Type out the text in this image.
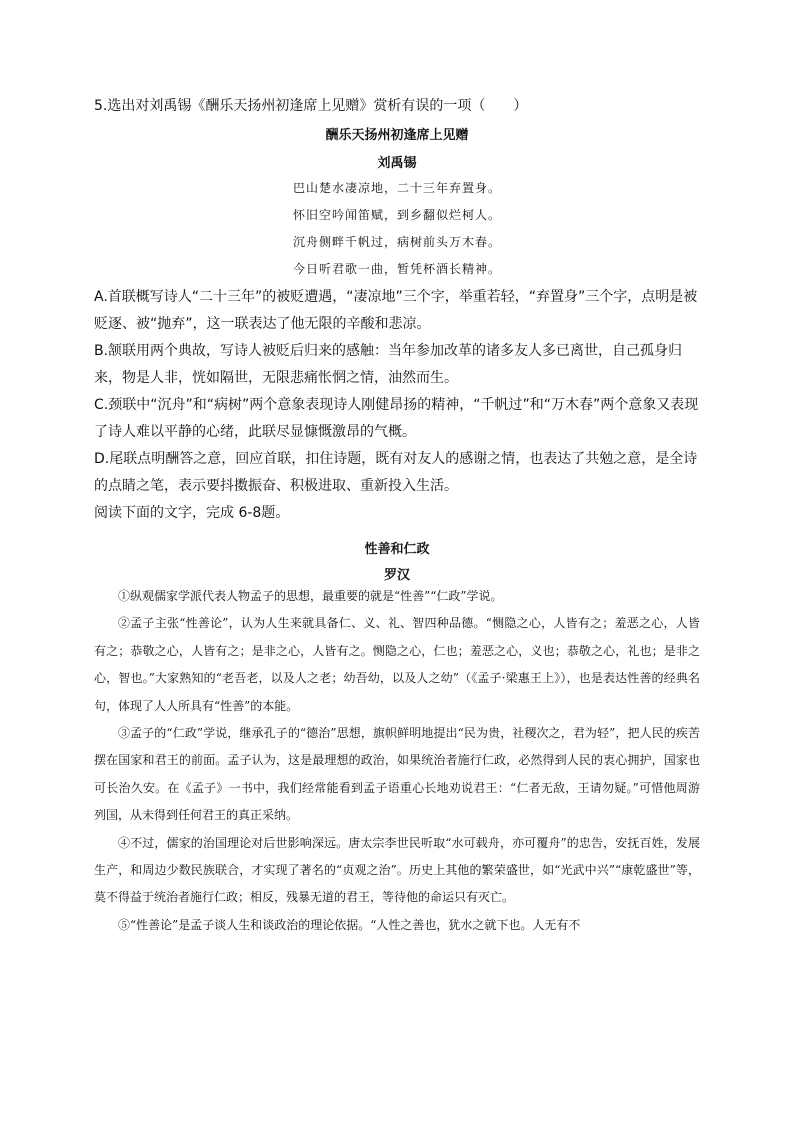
5.选出对刘禹锡《酬乐天扬州初逢席上见赠》赏析有误的一项（　　）
酬乐天扬州初逢席上见赠
刘禹锡
巴山楚水凄凉地，二十三年弃置身。
怀旧空吟闻笛赋，到乡翻似烂柯人。
沉舟侧畔千帆过，病树前头万木春。
今日听君歌一曲，暂凭杯酒长精神。

A.首联概写诗人“二十三年”的被贬遭遇，“凄凉地”三个字，举重若轻，“弃置身”三个字，点明是被贬逐、被“抛弃”，这一联表达了他无限的辛酸和悲凉。

B.颔联用两个典故，写诗人被贬后归来的感触：当年参加改革的诸多友人多已离世，自己孤身归来，物是人非，恍如隔世，无限悲痛怅惘之情，油然而生。

C.颈联中“沉舟”和“病树”两个意象表现诗人刚健昂扬的精神，“千帆过”和“万木春”两个意象又表现了诗人难以平静的心绪，此联尽显慷慨激昂的气概。

D.尾联点明酬答之意，回应首联，扣住诗题，既有对友人的感谢之情，也表达了共勉之意，是全诗的点睛之笔，表示要抖擞振奋、积极进取、重新投入生活。

阅读下面的文字，完成 6-8题。

性善和仁政
罗汉

①纵观儒家学派代表人物孟子的思想，最重要的就是“性善”“仁政”学说。

②孟子主张“性善论”，认为人生来就具备仁、义、礼、智四种品德。“恻隐之心，人皆有之；羞恶之心，人皆有之；恭敬之心，人皆有之；是非之心，人皆有之。恻隐之心，仁也；羞恶之心，义也；恭敬之心，礼也；是非之心，智也。”大家熟知的“老吾老，以及人之老；幼吾幼，以及人之幼”（《孟子·梁惠王上》），也是表达性善的经典名句，体现了人人所具有“性善”的本能。

③孟子的“仁政”学说，继承孔子的“德治”思想，旗帜鲜明地提出“民为贵，社稷次之，君为轻”，把人民的疾苦摆在国家和君王的前面。孟子认为，这是最理想的政治，如果统治者施行仁政，必然得到人民的衷心拥护，国家也可长治久安。在《孟子》一书中，我们经常能看到孟子语重心长地劝说君王：“仁者无敌，王请勿疑。”可惜他周游列国，从未得到任何君王的真正采纳。

④不过，儒家的治国理论对后世影响深远。唐太宗李世民听取“水可载舟，亦可覆舟”的忠告，安抚百姓，发展生产，和周边少数民族联合，才实现了著名的“贞观之治”。历史上其他的繁荣盛世，如“光武中兴”“康乾盛世”等，莫不得益于统治者施行仁政；相反，残暴无道的君王，等待他的命运只有灭亡。

⑤“性善论”是孟子谈人生和谈政治的理论依据。“人性之善也，犹水之就下也。人无有不
